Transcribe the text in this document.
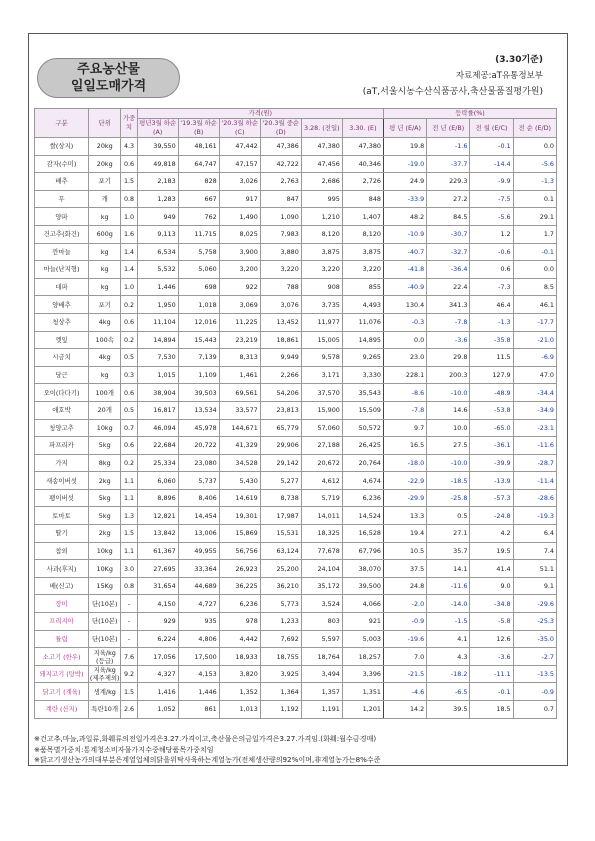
주요농산물
일일도매가격
(3.30기준)
자료제공:aT유통정보부
(aT,서울시농수산식품공사,축산물품질평가원)
구분	단위	가중치	가격(원)						등락률(%)			
			평년3월 하순(A)	'19.3월 하순(B)	'20.3월 하순(C)	'20.3월 중순(D)	3.28. (전일)	3.30. (E)	평 년 (E/A)	전 년 (E/B)	전 월 (E/C)	전 순 (E/D)
쌀(상지)	20kg	4.3	39,550	48,161	47,442	47,386	47,380	47,380	19.8	-1.6	-0.1	0.0
감자(수미)	20kg	0.6	49,818	64,747	47,157	42,722	47,456	40,346	-19.0	-37.7	-14.4	-5.6
배추	포기	1.5	2,183	828	3,026	2,763	2,686	2,726	24.9	229.3	-9.9	-1.3
무	개	0.8	1,283	667	917	847	995	848	-33.9	27.2	-7.5	0.1
양파	kg	1.0	949	762	1,490	1,090	1,210	1,407	48.2	84.5	-5.6	29.1
건고추(화건)	600g	1.6	9,113	11,715	8,025	7,983	8,120	8,120	-10.9	-30.7	1.2	1.7
깐마늘	kg	1.4	6,534	5,758	3,900	3,880	3,875	3,875	-40.7	-32.7	-0.6	-0.1
마늘(난지형)	kg	1.4	5,532	5,060	3,200	3,220	3,220	3,220	-41.8	-36.4	0.6	0.0
대파	kg	1.0	1,446	698	922	788	908	855	-40.9	22.4	-7.3	8.5
양배추	포기	0.2	1,950	1,018	3,069	3,076	3,735	4,493	130.4	341.3	46.4	46.1
청상추	4kg	0.6	11,104	12,016	11,225	13,452	11,977	11,076	-0.3	-7.8	-1.3	-17.7
깻잎	100속	0.2	14,894	15,443	23,219	18,861	15,005	14,895	0.0	-3.6	-35.8	-21.0
시금치	4kg	0.5	7,530	7,139	8,313	9,949	9,578	9,265	23.0	29.8	11.5	-6.9
당근	kg	0.3	1,015	1,109	1,461	2,266	3,171	3,330	228.1	200.3	127.9	47.0
오이(다다기)	100개	0.6	38,904	39,503	69,561	54,206	37,570	35,543	-8.6	-10.0	-48.9	-34.4
애호박	20개	0.5	16,817	13,534	33,577	23,813	15,900	15,509	-7.8	14.6	-53.8	-34.9
청양고추	10kg	0.7	46,094	45,978	144,671	65,779	57,060	50,572	9.7	10.0	-65.0	-23.1
파프리카	5kg	0.6	22,684	20,722	41,329	29,906	27,188	26,425	16.5	27.5	-36.1	-11.6
가지	8kg	0.2	25,334	23,080	34,528	29,142	20,672	20,764	-18.0	-10.0	-39.9	-28.7
새송이버섯	2kg	1.1	6,060	5,737	5,430	5,277	4,612	4,674	-22.9	-18.5	-13.9	-11.4
팽이버섯	5kg	1.1	8,896	8,406	14,619	8,738	5,719	6,236	-29.9	-25.8	-57.3	-28.6
토마토	5kg	1.3	12,821	14,454	19,301	17,987	14,011	14,524	13.3	0.5	-24.8	-19.3
딸기	2kg	1.5	13,842	13,006	15,869	15,531	18,325	16,528	19.4	27.1	4.2	6.4
참외	10kg	1.1	61,367	49,955	56,756	63,124	77,678	67,796	10.5	35.7	19.5	7.4
사과(후지)	10Kg	3.0	27,695	33,364	26,923	25,200	24,104	38,070	37.5	14.1	41.4	51.1
배(신고)	15Kg	0.8	31,654	44,689	36,225	36,210	35,172	39,500	24.8	-11.6	9.0	9.1
장미	단(10본)	-	4,150	4,727	6,236	5,773	3,524	4,066	-2.0	-14.0	-34.8	-29.6
프리지아	단(10본)	-	929	935	978	1,233	803	921	-0.9	-1.5	-5.8	-25.3
튤립	단(10본)	-	6,224	4,806	4,442	7,692	5,597	5,003	-19.6	4.1	12.6	-35.0
소고기 (한우)	지육/kg (등급)	7.6	17,056	17,500	18,933	18,755	18,764	18,257	7.0	4.3	-3.6	-2.7
돼지고기 (탕박)	지육/kg (제주제외)	9.2	4,327	4,153	3,820	3,925	3,494	3,396	-21.5	-18.2	-11.1	-13.5
닭고기 (계육)	생계/kg	1.5	1,416	1,446	1,352	1,364	1,357	1,351	-4.6	-6.5	-0.1	-0.9
계란 (산지)	특란10개	2.6	1,052	861	1,013	1,192	1,191	1,201	14.2	39.5	18.5	0.7
※건고추,마늘,과일류,화훼류의전일가격은3.27.가격이고,축산물은의금일가격은3.27.가격임.(화훼:월수금경매)
※품목별가중치:통계청소비자물가지수중해당품목가중치임
※닭고기생산농가의대부분은계열업체의닭을위탁사육하는계열농가(전체생산량의92%이며,非계열농가는8%수준
